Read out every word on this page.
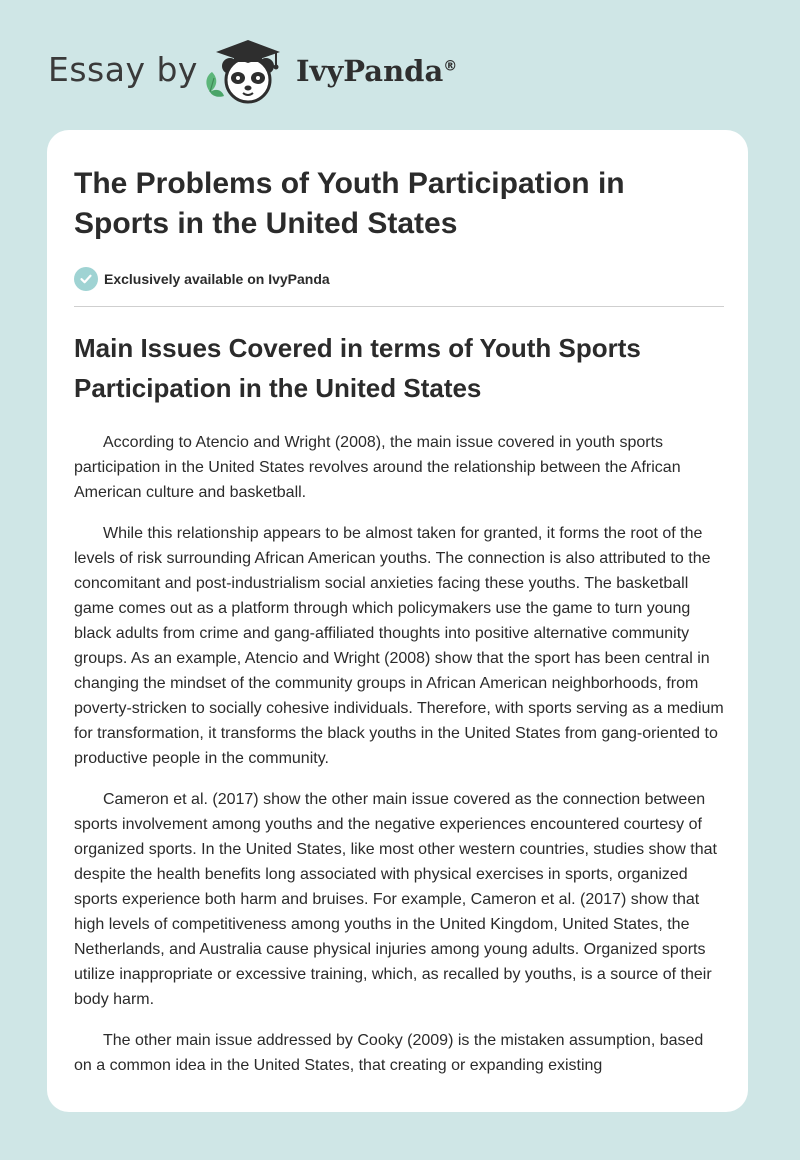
Essay by	IvyPanda®
The Problems of Youth Participation in Sports in the United States
Exclusively available on IvyPanda
Main Issues Covered in terms of Youth Sports Participation in the United States

According to Atencio and Wright (2008), the main issue covered in youth sports participation in the United States revolves around the relationship between the African American culture and basketball.

While this relationship appears to be almost taken for granted, it forms the root of the levels of risk surrounding African American youths. The connection is also attributed to the concomitant and post-industrialism social anxieties facing these youths. The basketball game comes out as a platform through which policymakers use the game to turn young black adults from crime and gang-affiliated thoughts into positive alternative community groups. As an example, Atencio and Wright (2008) show that the sport has been central in changing the mindset of the community groups in African American neighborhoods, from poverty-stricken to socially cohesive individuals. Therefore, with sports serving as a medium for transformation, it transforms the black youths in the United States from gang-oriented to productive people in the community.

Cameron et al. (2017) show the other main issue covered as the connection between sports involvement among youths and the negative experiences encountered courtesy of organized sports. In the United States, like most other western countries, studies show that despite the health benefits long associated with physical exercises in sports, organized sports experience both harm and bruises. For example, Cameron et al. (2017) show that high levels of competitiveness among youths in the United Kingdom, United States, the Netherlands, and Australia cause physical injuries among young adults. Organized sports utilize inappropriate or excessive training, which, as recalled by youths, is a source of their body harm.

The other main issue addressed by Cooky (2009) is the mistaken assumption, based on a common idea in the United States, that creating or expanding existing
